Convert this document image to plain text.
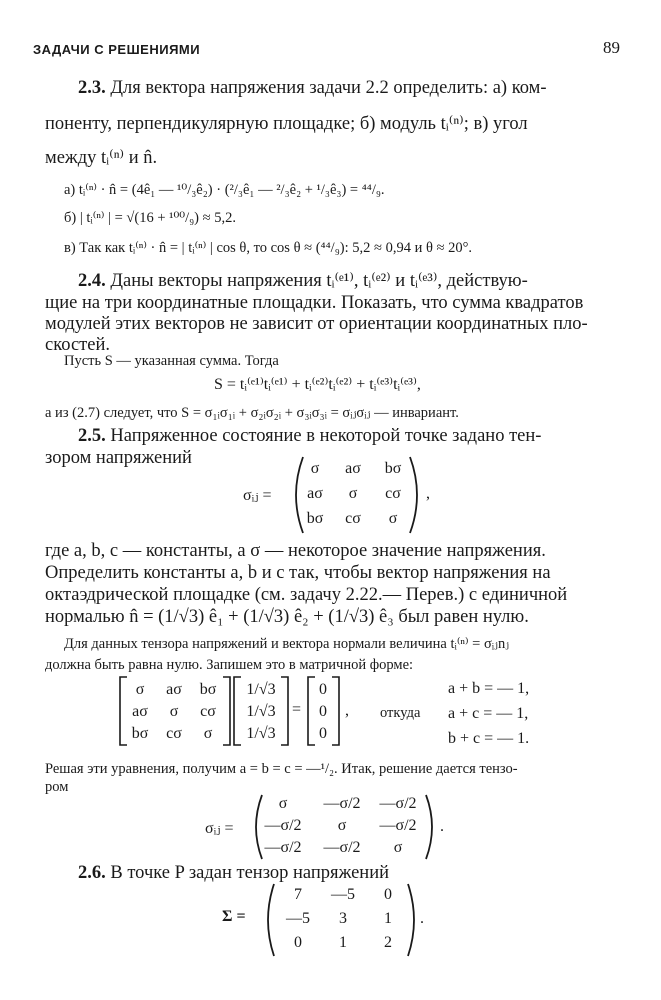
ЗАДАЧИ С РЕШЕНИЯМИ	89
2.3. Для вектора напряжения задачи 2.2 определить: а) ком-
поненту, перпендикулярную площадке; б) модуль tᵢ⁽ⁿ⁾; в) угол
между tᵢ⁽ⁿ⁾ и n̂.
а) tᵢ⁽ⁿ⁾ · n̂ = (4ê₁ — ¹⁰/₃ê₂) · (²/₃ê₁ — ²/₃ê₂ + ¹/₃ê₃) = ⁴⁴/₉.
б) | tᵢ⁽ⁿ⁾ | = √(16 + ¹⁰⁰/₉) ≈ 5,2.
в) Так как tᵢ⁽ⁿ⁾ · n̂ = | tᵢ⁽ⁿ⁾ | cos θ, то cos θ ≈ (⁴⁴/₉): 5,2 ≈ 0,94 и θ ≈ 20°.
2.4. Даны векторы напряжения tᵢ⁽ᵉ¹⁾, tᵢ⁽ᵉ²⁾ и tᵢ⁽ᵉ³⁾, действую-
щие на три координатные площадки. Показать, что сумма квадратов
модулей этих векторов не зависит от ориентации координатных пло-
скостей.
Пусть S — указанная сумма. Тогда
S = tᵢ⁽ᵉ¹⁾tᵢ⁽ᵉ¹⁾ + tᵢ⁽ᵉ²⁾tᵢ⁽ᵉ²⁾ + tᵢ⁽ᵉ³⁾tᵢ⁽ᵉ³⁾,
а из (2.7) следует, что S = σ₁ᵢσ₁ᵢ + σ₂ᵢσ₂ᵢ + σ₃ᵢσ₃ᵢ = σᵢⱼσᵢⱼ — инвариант.
2.5. Напряженное состояние в некоторой точке задано тен-
зором напряжений
σᵢⱼ =
σ	aσ	bσ
aσ	σ	cσ
bσ	cσ	σ
,
где a, b, c — константы, а σ — некоторое значение напряжения.
Определить константы a, b и c так, чтобы вектор напряжения на
октаэдрической площадке (см. задачу 2.22.— Перев.) с единичной
нормалью n̂ = (1/√3) ê₁ + (1/√3) ê₂ + (1/√3) ê₃ был равен нулю.
Для данных тензора напряжений и вектора нормали величина tᵢ⁽ⁿ⁾ = σᵢⱼnⱼ
должна быть равна нулю. Запишем это в матричной форме:
σ	aσ	bσ
aσ	σ	cσ
bσ	cσ	σ
1/√3
1/√3
1/√3
=
0
0
0
, откуда
a + b = — 1,
a + c = — 1,
b + c = — 1.
Решая эти уравнения, получим a = b = c = —¹/₂. Итак, решение дается тензо-
ром
σᵢⱼ =
σ	—σ/2	—σ/2
—σ/2	σ	—σ/2
—σ/2	—σ/2	σ
.
2.6. В точке P задан тензор напряжений
Σ =
7	—5	0
—5	3	1
0	1	2
.
